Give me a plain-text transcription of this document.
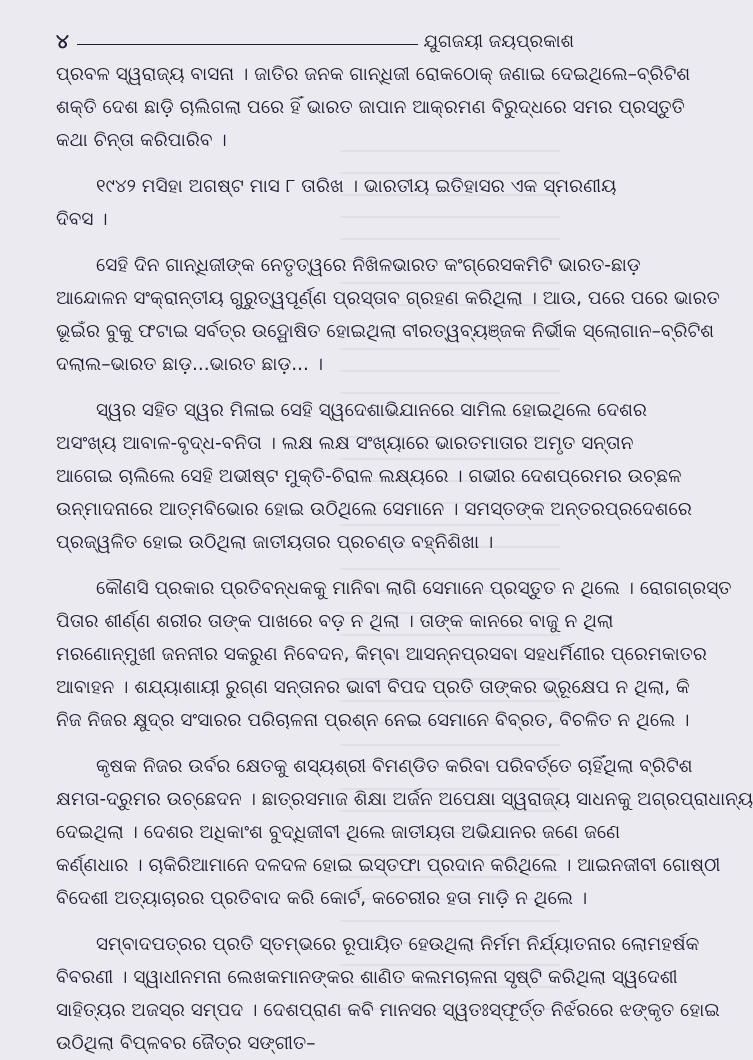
୪	ଯୁଗଜୟୀ ଜୟପ୍ରକାଶ
ପ୍ରବଳ ସ୍ୱରାଜ୍ୟ ବାସନା । ଜାତିର ଜନକ ଗାନ୍ଧିଜୀ ରୋକଠୋକ୍ ଜଣାଇ ଦେଇଥିଲେ–ବ୍ରିଟିଶ
ଶକ୍ତି ଦେଶ ଛାଡ଼ି ଚାଲିଗଲା ପରେ ହିଁ ଭାରତ ଜାପାନ ଆକ୍ରମଣ ବିରୁଦ୍ଧରେ ସମର ପ୍ରସ୍ତୁତି
କଥା ଚିନ୍ତା କରିପାରିବ ।
୧୯୪୨ ମସିହା ଅଗଷ୍ଟ ମାସ ୮ ତାରିଖ । ଭାରତୀୟ ଇତିହାସର ଏକ ସ୍ମରଣୀୟ
ଦିବସ ।
ସେହି ଦିନ ଗାନ୍ଧିଜୀଙ୍କ ନେତୃତ୍ୱରେ ନିଖିଳଭାରତ କଂଗ୍ରେସକମିଟି ଭାରତ-ଛାଡ଼
ଆନ୍ଦୋଳନ ସଂକ୍ରାନ୍ତୀୟ ଗୁରୁତ୍ୱପୂର୍ଣ୍ଣ ପ୍ରସ୍ତାବ ଗ୍ରହଣ କରିଥିଲା । ଆଉ, ପରେ ପରେ ଭାରତ
ଭୂଇଁର ବୁକୁ ଫଟାଇ ସର୍ବତ୍ର ଉଦ୍ଘୋଷିତ ହୋଇଥିଲା ବୀରତ୍ୱବ୍ୟଞ୍ଜକ ନିର୍ଭୀକ ସ୍ଲୋଗାନ–ବ୍ରିଟିଶ
ଦଲାଲ–ଭାରତ ଛାଡ଼...ଭାରତ ଛାଡ଼... ।
ସ୍ୱର ସହିତ ସ୍ୱର ମିଳାଇ ସେହି ସ୍ୱଦେଶାଭିଯାନରେ ସାମିଲ ହୋଇଥିଲେ ଦେଶର
ଅସଂଖ୍ୟ ଆବାଳ-ବୃଦ୍ଧ-ବନିତା । ଲକ୍ଷ ଲକ୍ଷ ସଂଖ୍ୟାରେ ଭାରତମାତାର ଅମୃତ ସନ୍ତାନ
ଆଗେଇ ଚାଲିଲେ ସେହି ଅଭୀଷ୍ଟ ମୁକ୍ତି-ଚିରାଳ ଲକ୍ଷ୍ୟରେ । ଗଭୀର ଦେଶପ୍ରେମର ଉଚ୍ଛଳ
ଉନ୍ମାଦନାରେ ଆତ୍ମବିଭୋର ହୋଇ ଉଠିଥିଲେ ସେମାନେ । ସମସ୍ତଙ୍କ ଅନ୍ତରପ୍ରଦେଶରେ
ପ୍ରଜ୍ୱଳିତ ହୋଇ ଉଠିଥିଲା ଜାତୀୟତାର ପ୍ରଚଣ୍ଡ ବହ୍ନିଶିଖା ।
କୌଣସି ପ୍ରକାର ପ୍ରତିବନ୍ଧକକୁ ମାନିବା ଲାଗି ସେମାନେ ପ୍ରସ୍ତୁତ ନ ଥିଲେ । ରୋଗଗ୍ରସ୍ତ
ପିତାର ଶୀର୍ଣ୍ଣ ଶରୀର ତାଙ୍କ ପାଖରେ ବଡ଼ ନ ଥିଲା । ତାଙ୍କ କାନରେ ବାଜୁ ନ ଥିଲା
ମରଣୋନ୍ମୁଖୀ ଜନନୀର ସକରୁଣ ନିବେଦନ, କିମ୍ବା ଆସନ୍ନପ୍ରସବା ସହଧର୍ମିଣୀର ପ୍ରେମକାତର
ଆବାହନ । ଶଯ୍ୟାଶାୟୀ ରୁଗ୍ଣ ସନ୍ତାନର ଭାବୀ ବିପଦ ପ୍ରତି ତାଙ୍କର ଭ୍ରୂକ୍ଷେପ ନ ଥିଲା, କି
ନିଜ ନିଜର କ୍ଷୁଦ୍ର ସଂସାରର ପରିଚାଳନା ପ୍ରଶ୍ନ ନେଇ ସେମାନେ ବିବ୍ରତ, ବିଚଳିତ ନ ଥିଲେ ।
କୃଷକ ନିଜର ଉର୍ବର କ୍ଷେତକୁ ଶସ୍ୟଶ୍ରୀ ବିମଣ୍ଡିତ କରିବା ପରିବର୍ତ୍ତେ ଚାହିଁଥିଲା ବ୍ରିଟିଶ
କ୍ଷମତା-ଦ୍ରୁମର ଉଚ୍ଛେଦନ । ଛାତ୍ରସମାଜ ଶିକ୍ଷା ଅର୍ଜନ ଅପେକ୍ଷା ସ୍ୱରାଜ୍ୟ ସାଧନକୁ ଅଗ୍ରପ୍ରାଧାନ୍ୟ
ଦେଇଥିଲା । ଦେଶର ଅଧିକାଂଶ ବୁଦ୍ଧିଜୀବୀ ଥିଲେ ଜାତୀୟତା ଅଭିଯାନର ଜଣେ ଜଣେ
କର୍ଣ୍ଣଧାର । ଚାକିରିଆମାନେ ଦଳଦଳ ହୋଇ ଇସ୍ତଫା ପ୍ରଦାନ କରିଥିଲେ । ଆଇନଜୀବୀ ଗୋଷ୍ଠୀ
ବିଦେଶୀ ଅତ୍ୟାଚାରର ପ୍ରତିବାଦ କରି କୋର୍ଟ, କଚେରୀର ହତା ମାଡ଼ି ନ ଥିଲେ ।
ସମ୍ବାଦପତ୍ରର ପ୍ରତି ସ୍ତମ୍ଭରେ ରୂପାୟିତ ହେଉଥିଲା ନିର୍ମମ ନିର୍ଯ୍ୟାତନାର ଲୋମହର୍ଷକ
ବିବରଣୀ । ସ୍ୱାଧୀନମନା ଲେଖକମାନଙ୍କର ଶାଣିତ କଲମଚାଳନା ସୃଷ୍ଟି କରିଥିଲା ସ୍ୱଦେଶୀ
ସାହିତ୍ୟର ଅଜସ୍ର ସମ୍ପଦ । ଦେଶପ୍ରାଣ କବି ମାନସର ସ୍ୱତଃସ୍ଫୂର୍ତ୍ତ ନିର୍ଝରରେ ଝଙ୍କୃତ ହୋଇ
ଉଠିଥିଲା ବିପ୍ଳବର ଜୈତ୍ର ସଙ୍ଗୀତ–
